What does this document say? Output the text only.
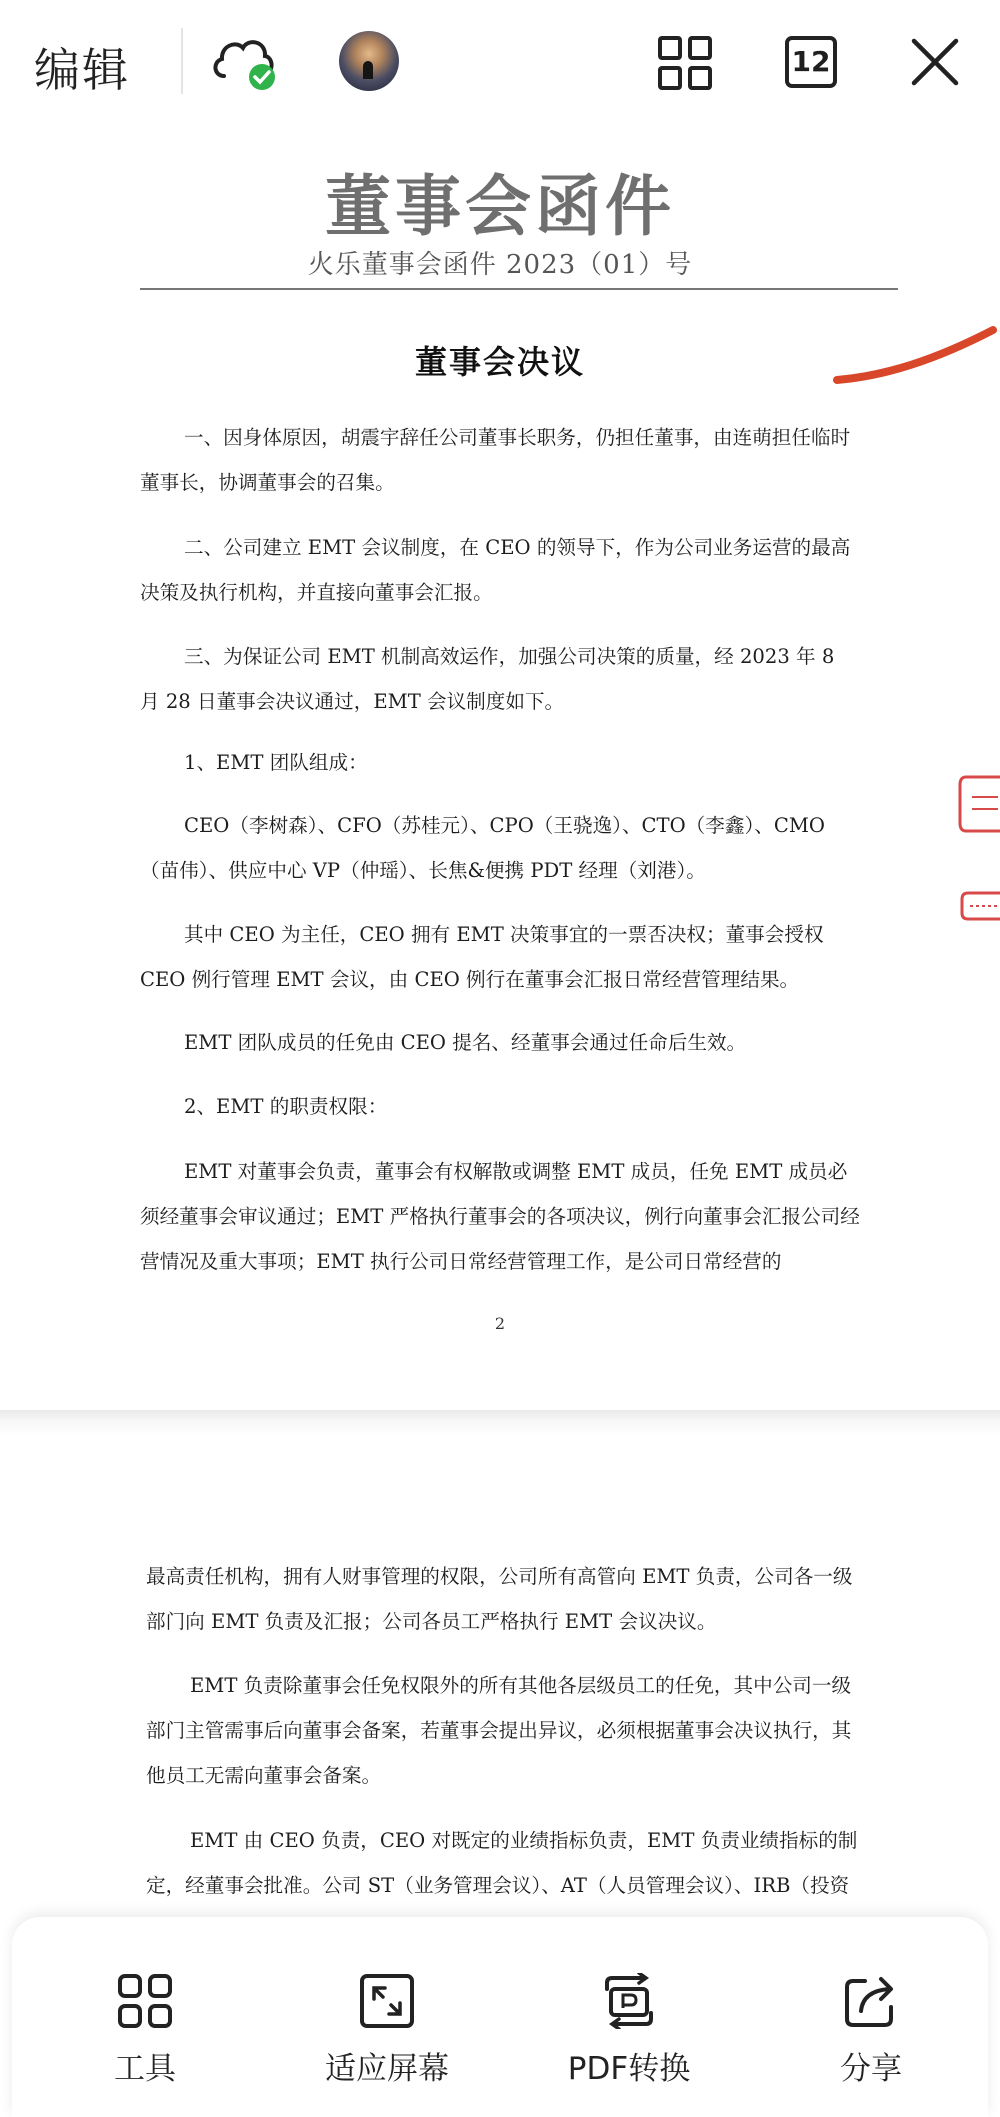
编辑	12
董事会函件
火乐董事会函件 2023（01）号
董事会决议

一、因身体原因，胡震宇辞任公司董事长职务，仍担任董事，由连萌担任临时董事长，协调董事会的召集。

二、公司建立 EMT 会议制度，在 CEO 的领导下，作为公司业务运营的最高决策及执行机构，并直接向董事会汇报。

三、为保证公司 EMT 机制高效运作，加强公司决策的质量，经 2023 年 8 月 28 日董事会决议通过，EMT 会议制度如下。

1、EMT 团队组成：

CEO（李树森）、CFO（苏桂元）、CPO（王骁逸）、CTO（李鑫）、CMO（苗伟）、供应中心 VP（仲瑶）、长焦&便携 PDT 经理（刘港）。

其中 CEO 为主任，CEO 拥有 EMT 决策事宜的一票否决权；董事会授权 CEO 例行管理 EMT 会议，由 CEO 例行在董事会汇报日常经营管理结果。

EMT 团队成员的任免由 CEO 提名、经董事会通过任命后生效。

2、EMT 的职责权限：

EMT 对董事会负责，董事会有权解散或调整 EMT 成员，任免 EMT 成员必须经董事会审议通过；EMT 严格执行董事会的各项决议，例行向董事会汇报公司经营情况及重大事项；EMT 执行公司日常经营管理工作，是公司日常经营的

2

最高责任机构，拥有人财事管理的权限，公司所有高管向 EMT 负责，公司各一级部门向 EMT 负责及汇报；公司各员工严格执行 EMT 会议决议。

EMT 负责除董事会任免权限外的所有其他各层级员工的任免，其中公司一级部门主管需事后向董事会备案，若董事会提出异议，必须根据董事会决议执行，其他员工无需向董事会备案。

EMT 由 CEO 负责，CEO 对既定的业绩指标负责，EMT 负责业绩指标的制定，经董事会批准。公司 ST（业务管理会议）、AT（人员管理会议）、IRB（投资

工具	适应屏幕	PDF转换	分享
